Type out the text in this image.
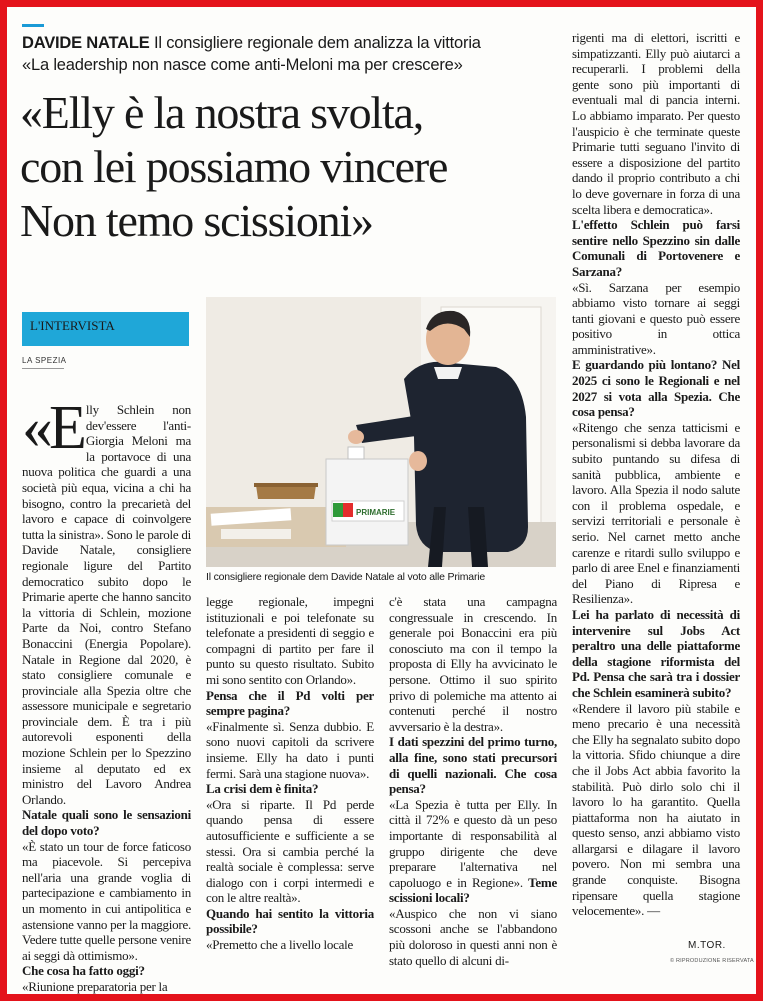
DAVIDE NATALE Il consigliere regionale dem analizza la vittoria
«La leadership non nasce come anti-Meloni ma per crescere»
«Elly è la nostra svolta,
con lei possiamo vincere
Non temo scissioni»
L'INTERVISTA
LA SPEZIA
PRIMARIE
Il consigliere regionale dem Davide Natale al voto alle Primarie
«Elly Schlein non dev'essere l'anti-Giorgia Meloni ma la portavoce di una nuova politica che guardi a una società più equa, vicina a chi ha bisogno, contro la precarietà del lavoro e capace di coinvolgere tutta la sinistra». Sono le parole di Davide Natale, consigliere regionale ligure del Partito democratico subito dopo le Primarie aperte che hanno sancito la vittoria di Schlein, mozione Parte da Noi, contro Stefano Bonaccini (Energia Popolare). Natale in Regione dal 2020, è stato consigliere comunale e provinciale alla Spezia oltre che assessore municipale e segretario provinciale dem. È tra i più autorevoli esponenti della mozione Schlein per lo Spezzino insieme al deputato ed ex ministro del Lavoro Andrea Orlando.

Natale quali sono le sensazioni del dopo voto?

«È stato un tour de force faticoso ma piacevole. Si percepiva nell'aria una grande voglia di partecipazione e cambiamento in un momento in cui antipolitica e astensione vanno per la maggiore. Vedere tutte quelle persone venire ai seggi dà ottimismo».

Che cosa ha fatto oggi?

«Riunione preparatoria per la

legge regionale, impegni istituzionali e poi telefonate su telefonate a presidenti di seggio e compagni di partito per fare il punto su questo risultato. Subito mi sono sentito con Orlando».

Pensa che il Pd volti per sempre pagina?

«Finalmente sì. Senza dubbio. E sono nuovi capitoli da scrivere insieme. Elly ha dato i punti fermi. Sarà una stagione nuova».

La crisi dem è finita?

«Ora si riparte. Il Pd perde quando pensa di essere autosufficiente e sufficiente a se stessi. Ora si cambia perché la realtà sociale è complessa: serve dialogo con i corpi intermedi e con le altre realtà».

Quando hai sentito la vittoria possibile?

«Premetto che a livello locale

c'è stata una campagna congressuale in crescendo. In generale poi Bonaccini era più conosciuto ma con il tempo la proposta di Elly ha avvicinato le persone. Ottimo il suo spirito privo di polemiche ma attento ai contenuti perché il nostro avversario è la destra».

I dati spezzini del primo turno, alla fine, sono stati precursori di quelli nazionali. Che cosa pensa?

«La Spezia è tutta per Elly. In città il 72% e questo dà un peso importante di responsabilità al gruppo dirigente che deve preparare l'alternativa nel capoluogo e in Regione». Teme scissioni locali?

«Auspico che non vi siano scossoni anche se l'abbandono più doloroso in questi anni non è stato quello di alcuni di-

rigenti ma di elettori, iscritti e simpatizzanti. Elly può aiutarci a recuperarli. I problemi della gente sono più importanti di eventuali mal di pancia interni. Lo abbiamo imparato. Per questo l'auspicio è che terminate queste Primarie tutti seguano l'invito di essere a disposizione del partito dando il proprio contributo a chi lo deve governare in forza di una scelta libera e democratica».

L'effetto Schlein può farsi sentire nello Spezzino sin dalle Comunali di Portovenere e Sarzana?

«Sì. Sarzana per esempio abbiamo visto tornare ai seggi tanti giovani e questo può essere positivo in ottica amministrative».

E guardando più lontano? Nel 2025 ci sono le Regionali e nel 2027 si vota alla Spezia. Che cosa pensa?

«Ritengo che senza tatticismi e personalismi si debba lavorare da subito puntando su difesa di sanità pubblica, ambiente e lavoro. Alla Spezia il nodo salute con il problema ospedale, e servizi territoriali e personale è serio. Nel carnet metto anche carenze e ritardi sullo sviluppo e parlo di aree Enel e finanziamenti del Piano di Ripresa e Resilienza».

Lei ha parlato di necessità di intervenire sul Jobs Act peraltro una delle piattaforme della stagione riformista del Pd. Pensa che sarà tra i dossier che Schlein esaminerà subito?

«Rendere il lavoro più stabile e meno precario è una necessità che Elly ha segnalato subito dopo la vittoria. Sfido chiunque a dire che il Jobs Act abbia favorito la stabilità. Può dirlo solo chi il lavoro lo ha garantito. Quella piattaforma non ha aiutato in questo senso, anzi abbiamo visto allargarsi e dilagare il lavoro povero. Non mi sembra una grande conquiste. Bisogna ripensare quella stagione velocemente». —

M.TOR.
© RIPRODUZIONE RISERVATA
